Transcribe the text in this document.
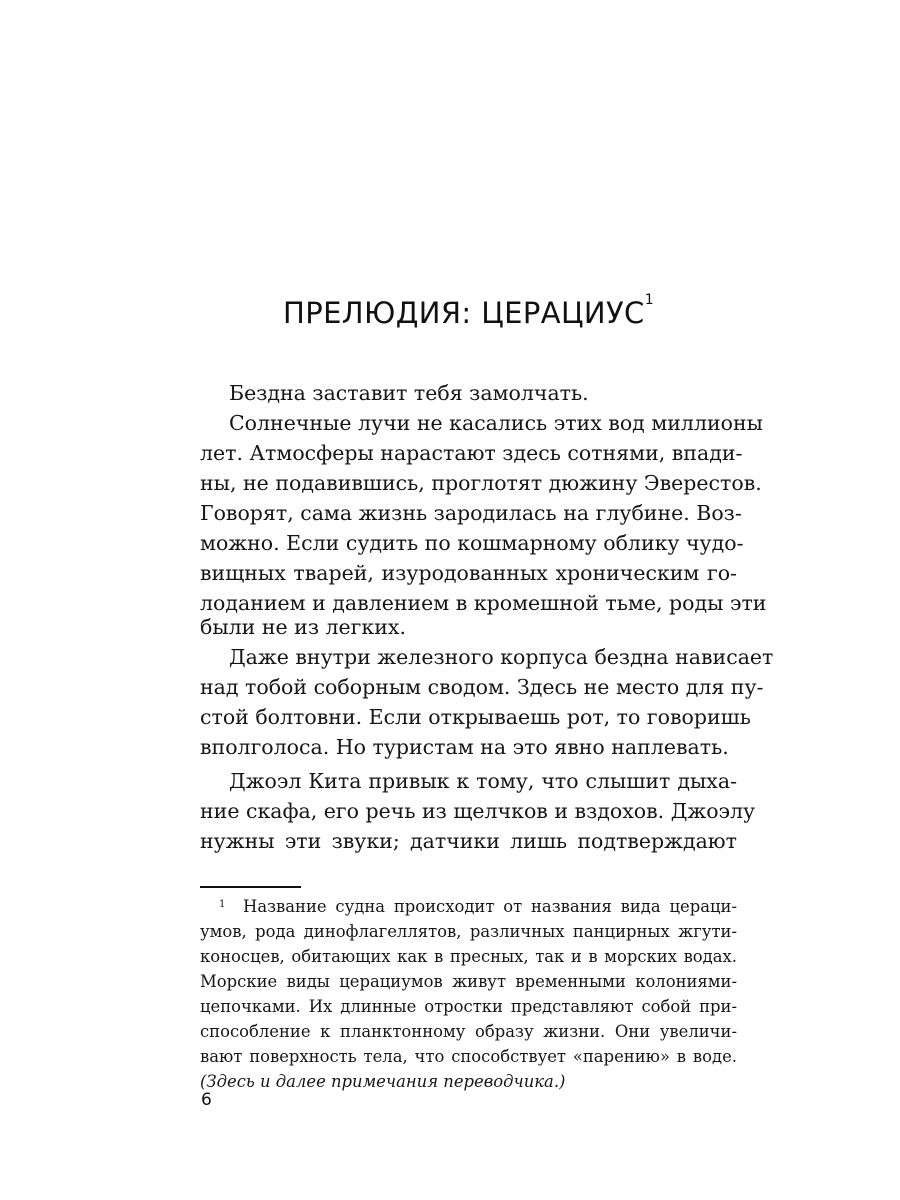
ПРЕЛЮДИЯ: ЦЕРАЦИУС$^1$
Бездна заставит тебя замолчать.
Солнечные лучи не касались этих вод миллионы
лет. Атмосферы нарастают здесь сотнями, впади-
ны, не подавившись, проглотят дюжину Эверестов.
Говорят, сама жизнь зародилась на глубине. Воз-
можно. Если судить по кошмарному облику чудо-
вищных тварей, изуродованных хроническим го-
лоданием и давлением в кромешной тьме, роды эти
были не из легких.
Даже внутри железного корпуса бездна нависает
над тобой соборным сводом. Здесь не место для пу-
стой болтовни. Если открываешь рот, то говоришь
вполголоса. Но туристам на это явно наплевать.
Джоэл Кита привык к тому, что слышит дыха-
ние скафа, его речь из щелчков и вздохов. Джоэлу
нужны эти звуки; датчики лишь подтверждают
$^1$ Название судна происходит от названия вида цераци-
умов, рода динофлагеллятов, различных панцирных жгути-
коносцев, обитающих как в пресных, так и в морских водах.
Морские виды церациумов живут временными колониями-
цепочками. Их длинные отростки представляют собой при-
способление к планктонному образу жизни. Они увеличи-
вают поверхность тела, что способствует «парению» в воде.
(Здесь и далее примечания переводчика.)
6
